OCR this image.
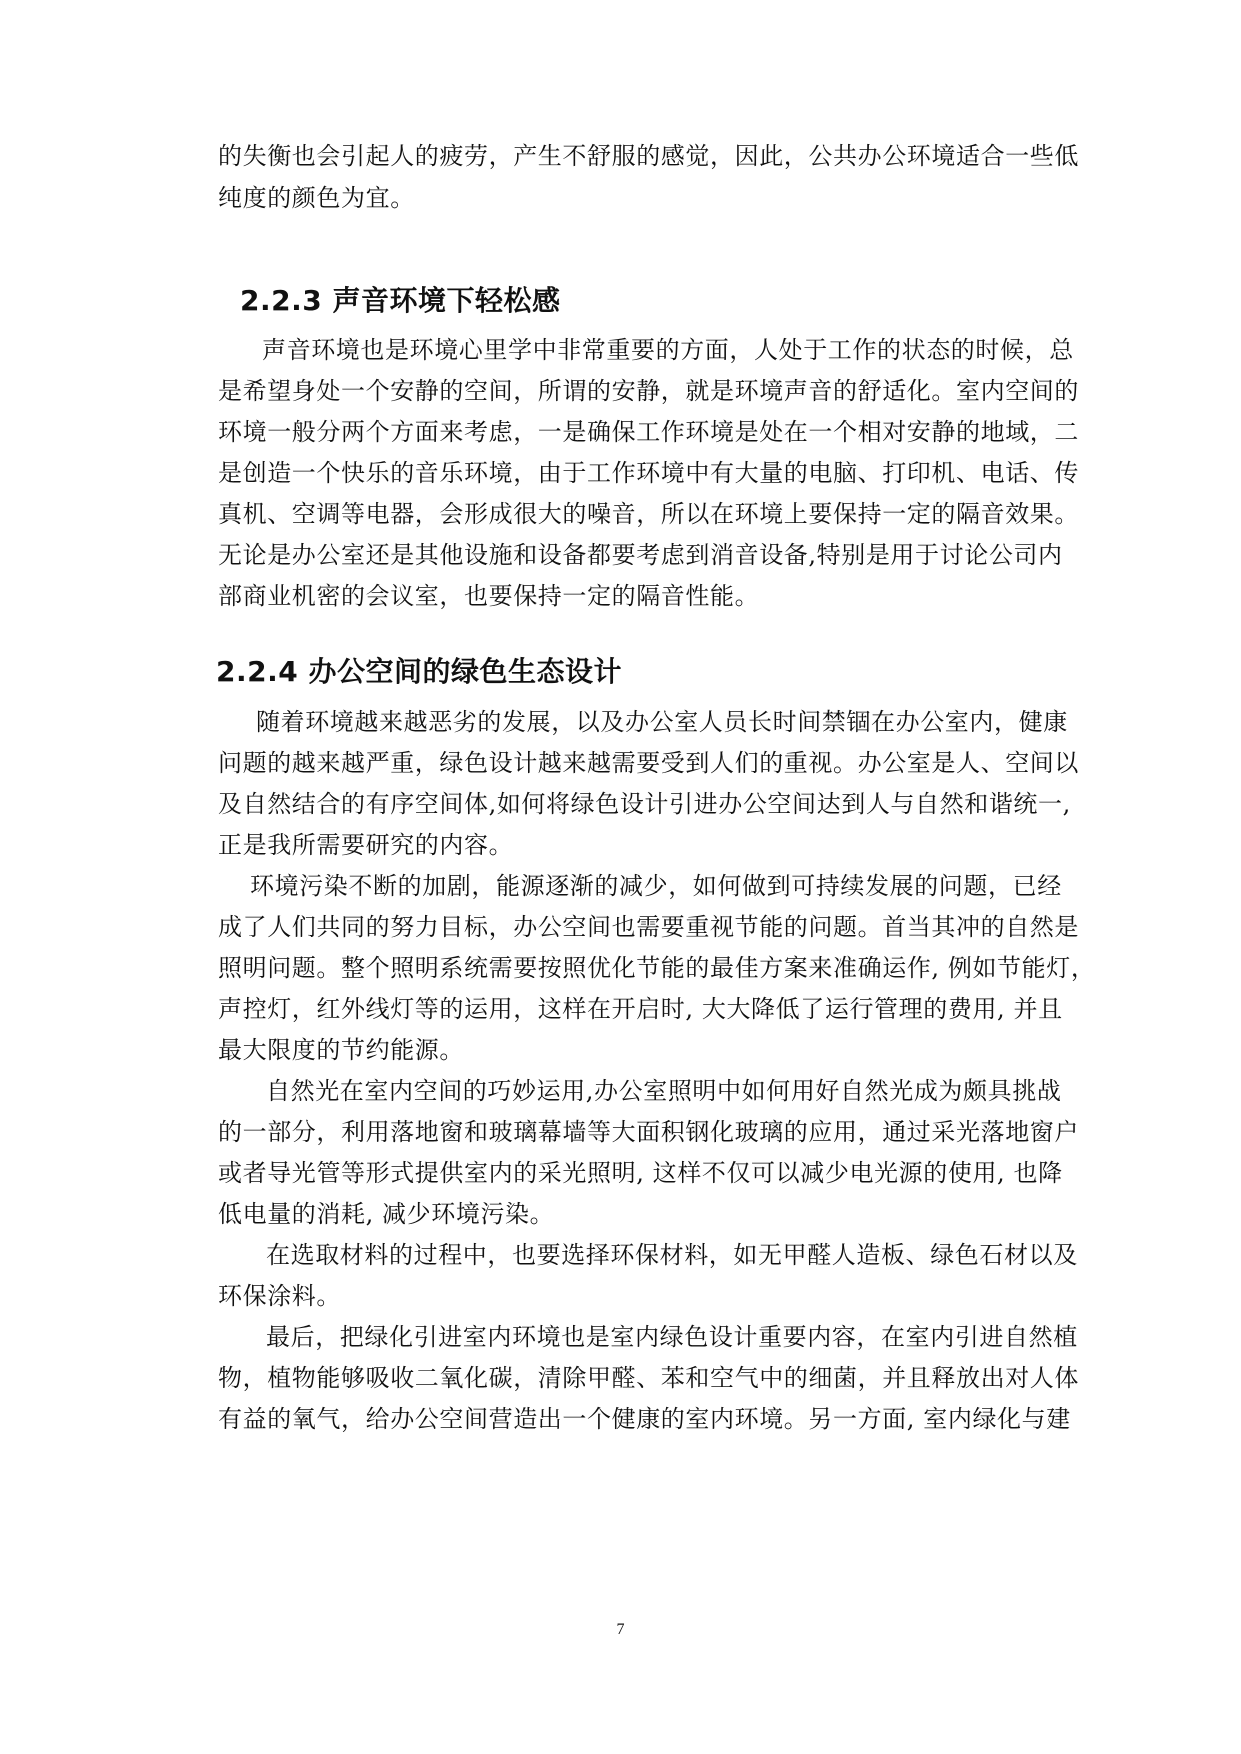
的失衡也会引起人的疲劳，产生不舒服的感觉，因此，公共办公环境适合一些低
纯度的颜色为宜。
2.2.3 声音环境下轻松感
声音环境也是环境心里学中非常重要的方面，人处于工作的状态的时候，总
是希望身处一个安静的空间，所谓的安静，就是环境声音的舒适化。室内空间的
环境一般分两个方面来考虑，一是确保工作环境是处在一个相对安静的地域，二
是创造一个快乐的音乐环境，由于工作环境中有大量的电脑、打印机、电话、传
真机、空调等电器，会形成很大的噪音，所以在环境上要保持一定的隔音效果。
无论是办公室还是其他设施和设备都要考虑到消音设备,特别是用于讨论公司内
部商业机密的会议室，也要保持一定的隔音性能。
2.2.4 办公空间的绿色生态设计
随着环境越来越恶劣的发展，以及办公室人员长时间禁锢在办公室内，健康
问题的越来越严重，绿色设计越来越需要受到人们的重视。办公室是人、空间以
及自然结合的有序空间体,如何将绿色设计引进办公空间达到人与自然和谐统一,
正是我所需要研究的内容。
环境污染不断的加剧，能源逐渐的减少，如何做到可持续发展的问题，已经
成了人们共同的努力目标，办公空间也需要重视节能的问题。首当其冲的自然是
照明问题。整个照明系统需要按照优化节能的最佳方案来准确运作, 例如节能灯，
声控灯，红外线灯等的运用，这样在开启时, 大大降低了运行管理的费用, 并且
最大限度的节约能源。
自然光在室内空间的巧妙运用,办公室照明中如何用好自然光成为颇具挑战
的一部分，利用落地窗和玻璃幕墙等大面积钢化玻璃的应用，通过采光落地窗户
或者导光管等形式提供室内的采光照明, 这样不仅可以减少电光源的使用, 也降
低电量的消耗, 减少环境污染。
在选取材料的过程中，也要选择环保材料，如无甲醛人造板、绿色石材以及
环保涂料。
最后，把绿化引进室内环境也是室内绿色设计重要内容，在室内引进自然植
物，植物能够吸收二氧化碳，清除甲醛、苯和空气中的细菌，并且释放出对人体
有益的氧气，给办公空间营造出一个健康的室内环境。另一方面, 室内绿化与建
7
